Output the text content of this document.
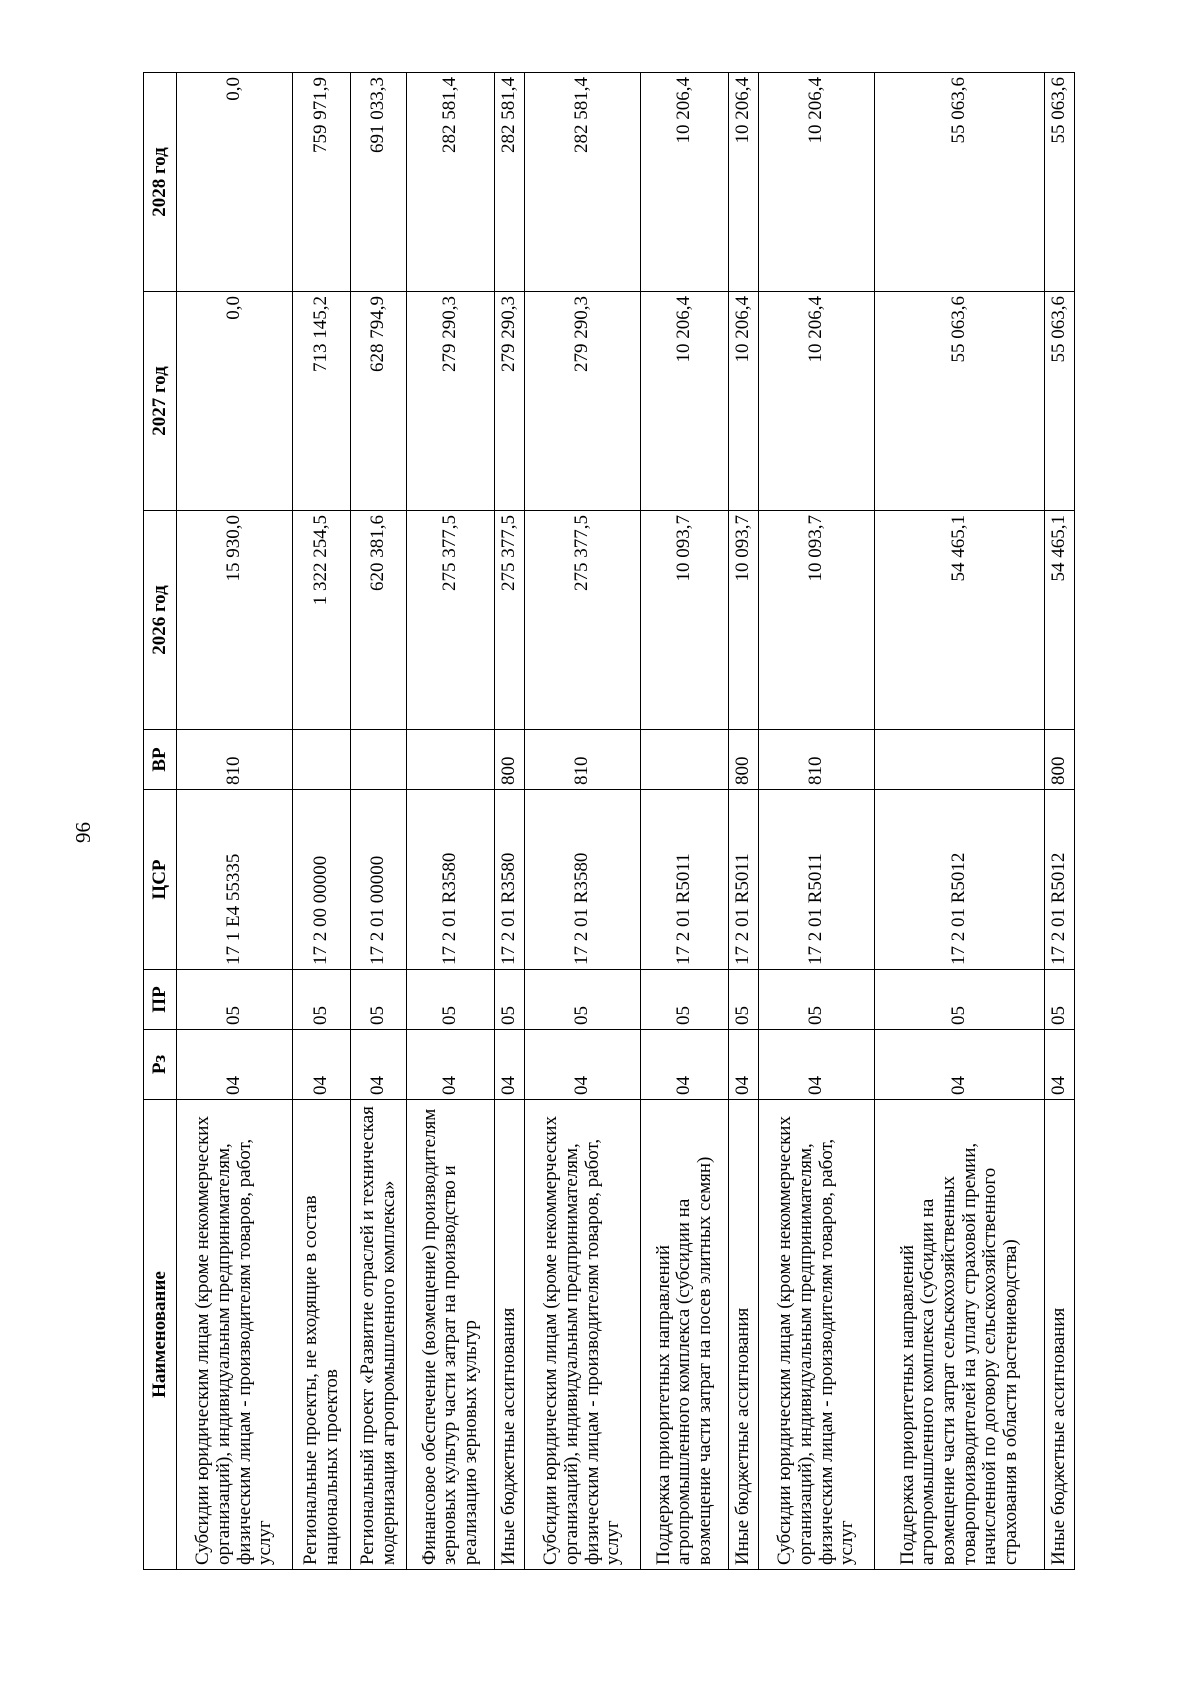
96
Наименование	Рз	ПР	ЦСР	ВР	2026 год	2027 год	2028 год
Субсидии юридическим лицам (кроме некоммерческих организаций), индивидуальным предпринимателям, физическим лицам - производителям товаров, работ, услуг	04	05	17 1 E4 55335	810	15 930,0	0,0	0,0
Региональные проекты, не входящие в состав национальных проектов	04	05	17 2 00 00000		1 322 254,5	713 145,2	759 971,9
Региональный проект «Развитие отраслей и техническая модернизация агропромышленного комплекса»	04	05	17 2 01 00000		620 381,6	628 794,9	691 033,3
Финансовое обеспечение (возмещение) производителям зерновых культур части затрат на производство и реализацию зерновых культур	04	05	17 2 01 R3580		275 377,5	279 290,3	282 581,4
Иные бюджетные ассигнования	04	05	17 2 01 R3580	800	275 377,5	279 290,3	282 581,4
Субсидии юридическим лицам (кроме некоммерческих организаций), индивидуальным предпринимателям, физическим лицам - производителям товаров, работ, услуг	04	05	17 2 01 R3580	810	275 377,5	279 290,3	282 581,4
Поддержка приоритетных направлений агропромышленного комплекса (субсидии на возмещение части затрат на посев элитных семян)	04	05	17 2 01 R5011		10 093,7	10 206,4	10 206,4
Иные бюджетные ассигнования	04	05	17 2 01 R5011	800	10 093,7	10 206,4	10 206,4
Субсидии юридическим лицам (кроме некоммерческих организаций), индивидуальным предпринимателям, физическим лицам - производителям товаров, работ, услуг	04	05	17 2 01 R5011	810	10 093,7	10 206,4	10 206,4
Поддержка приоритетных направлений агропромышленного комплекса (субсидии на возмещение части затрат сельскохозяйственных товаропроизводителей на уплату страховой премии, начисленной по договору сельскохозяйственного страхования в области растениеводства)	04	05	17 2 01 R5012		54 465,1	55 063,6	55 063,6
Иные бюджетные ассигнования	04	05	17 2 01 R5012	800	54 465,1	55 063,6	55 063,6
